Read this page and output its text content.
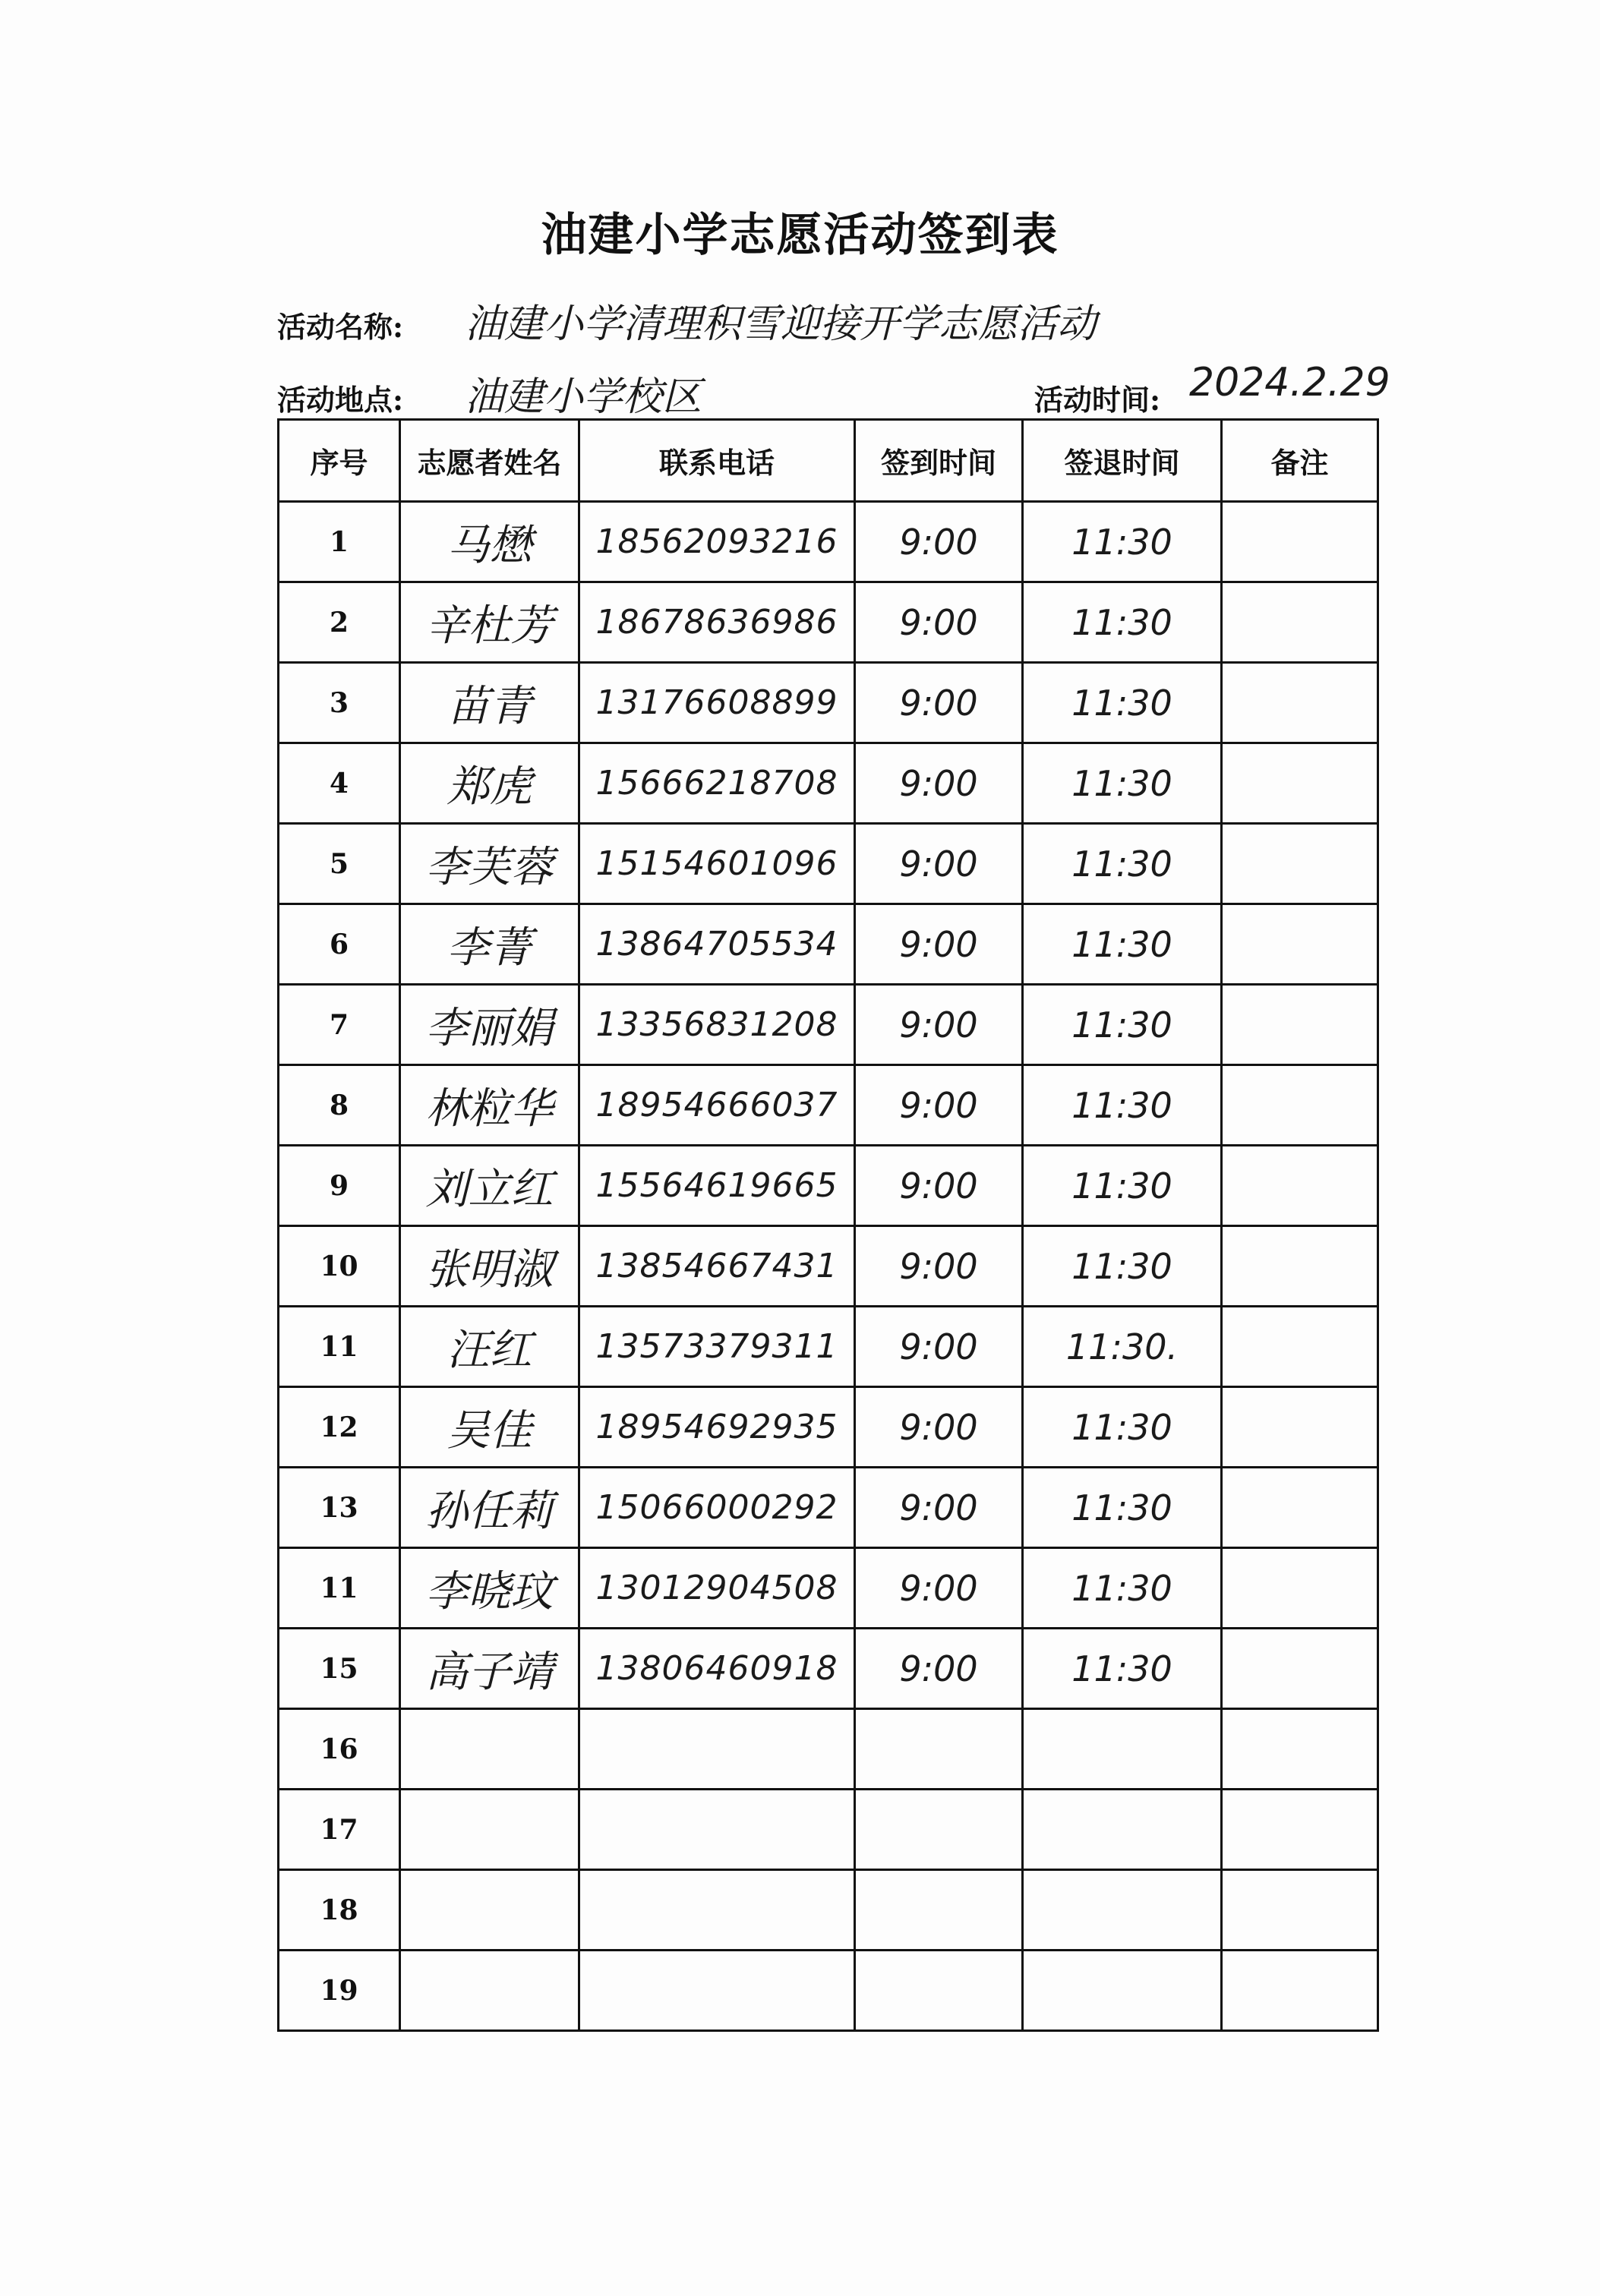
油建小学志愿活动签到表
活动名称: 油建小学清理积雪迎接开学志愿活动
活动地点: 油建小学校区	活动时间: 2024.2.29
序号	志愿者姓名	联系电话	签到时间	签退时间	备注
1	马懋	18562093216	9:00	11:30	
2	辛杜芳	18678636986	9:00	11:30	
3	苗青	13176608899	9:00	11:30	
4	郑虎	15666218708	9:00	11:30	
5	李芙蓉	15154601096	9:00	11:30	
6	李菁	13864705534	9:00	11:30	
7	李丽娟	13356831208	9:00	11:30	
8	林粒华	18954666037	9:00	11:30	
9	刘立红	15564619665	9:00	11:30	
10	张明淑	13854667431	9:00	11:30	
11	汪红	13573379311	9:00	11:30.	
12	吴佳	18954692935	9:00	11:30	
13	孙任莉	15066000292	9:00	11:30	
11	李晓玟	13012904508	9:00	11:30	
15	高子靖	13806460918	9:00	11:30	
16					
17					
18					
19					
